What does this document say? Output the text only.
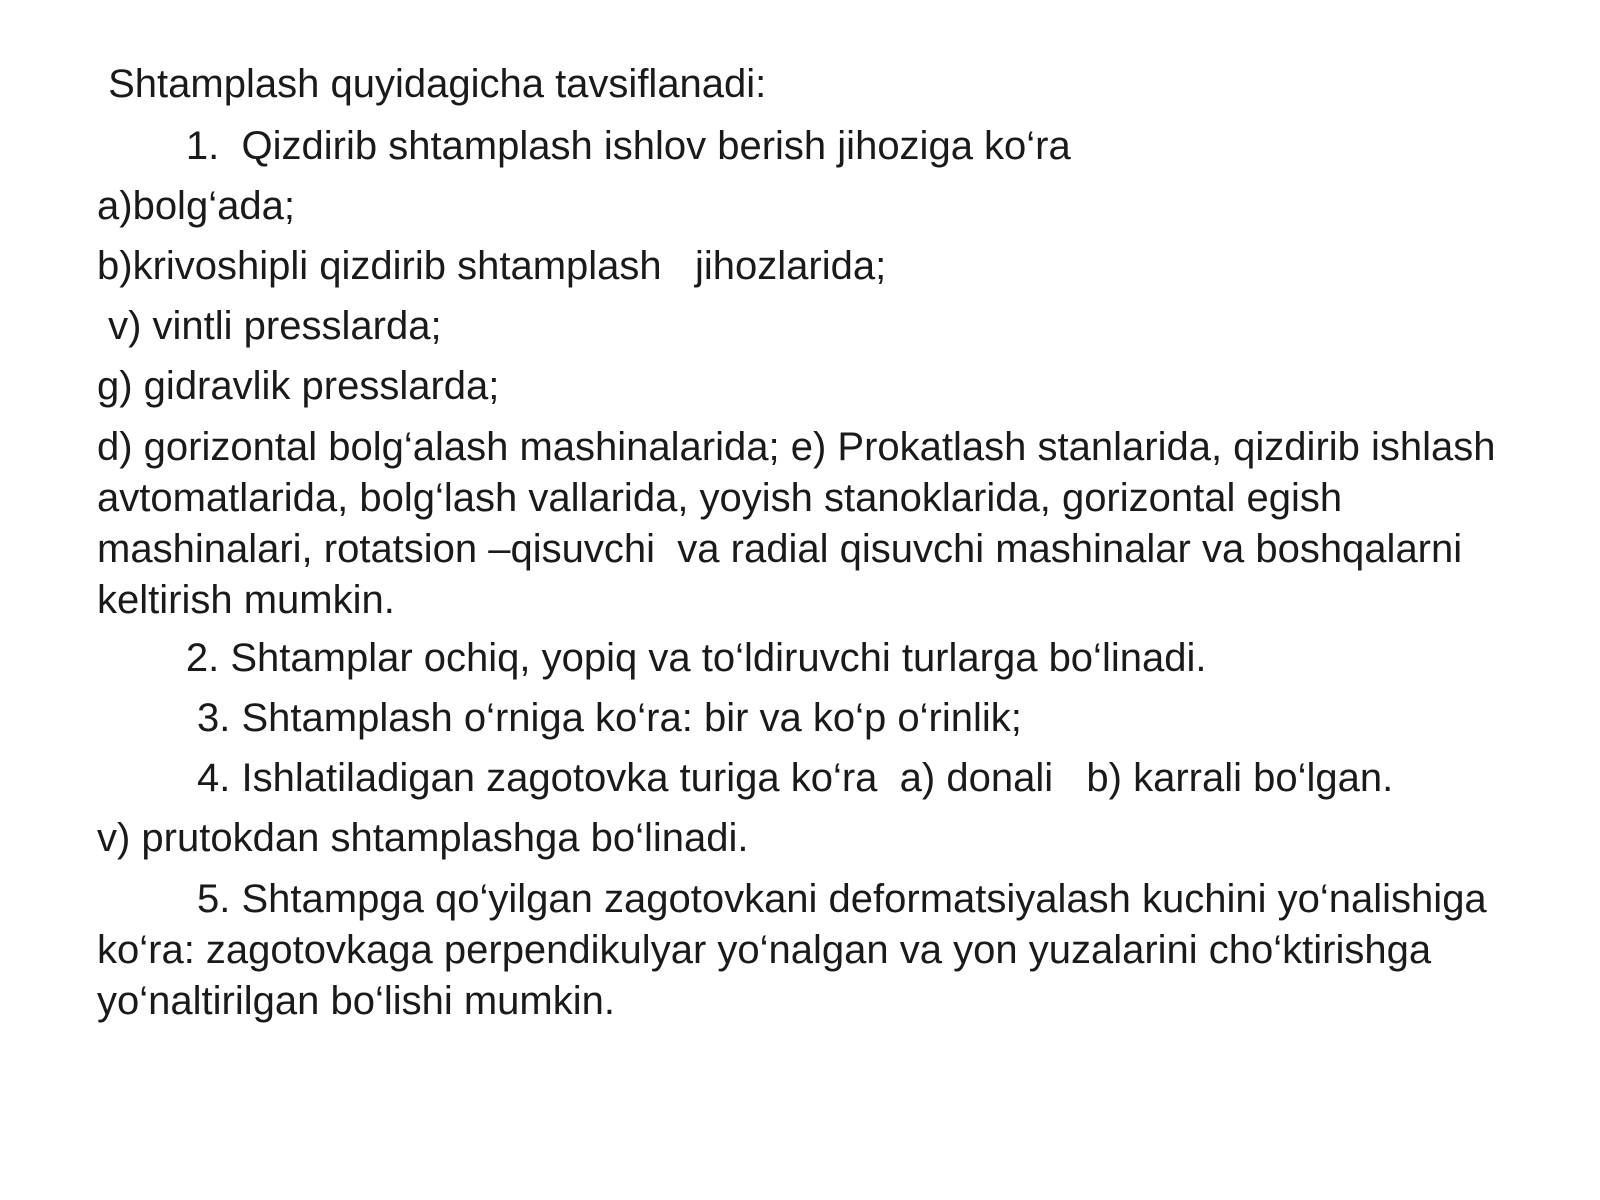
Shtamplash quyidagicha tavsiflanadi:
1.  Qizdirib shtamplash ishlov berish jihoziga ko‘ra
a)bolg‘ada;
b)krivoshipli qizdirib shtamplash   jihozlarida;
v) vintli presslarda;
g) gidravlik presslarda;
d) gorizontal bolg‘alash mashinalarida; e) Prokatlash stanlarida, qizdirib ishlash avtomatlarida, bolg‘lash vallarida, yoyish stanoklarida, gorizontal egish mashinalari, rotatsion –qisuvchi  va radial qisuvchi mashinalar va boshqalarni keltirish mumkin.
2. Shtamplar ochiq, yopiq va to‘ldiruvchi turlarga bo‘linadi.
3. Shtamplash o‘rniga ko‘ra: bir va ko‘p o‘rinlik;
4. Ishlatiladigan zagotovka turiga ko‘ra  a) donali   b) karrali bo‘lgan.
v) prutokdan shtamplashga bo‘linadi.
5. Shtampga qo‘yilgan zagotovkani deformatsiyalash kuchini yo‘nalishiga ko‘ra: zagotovkaga perpendikulyar yo‘nalgan va yon yuzalarini cho‘ktirishga yo‘naltirilgan bo‘lishi mumkin.
